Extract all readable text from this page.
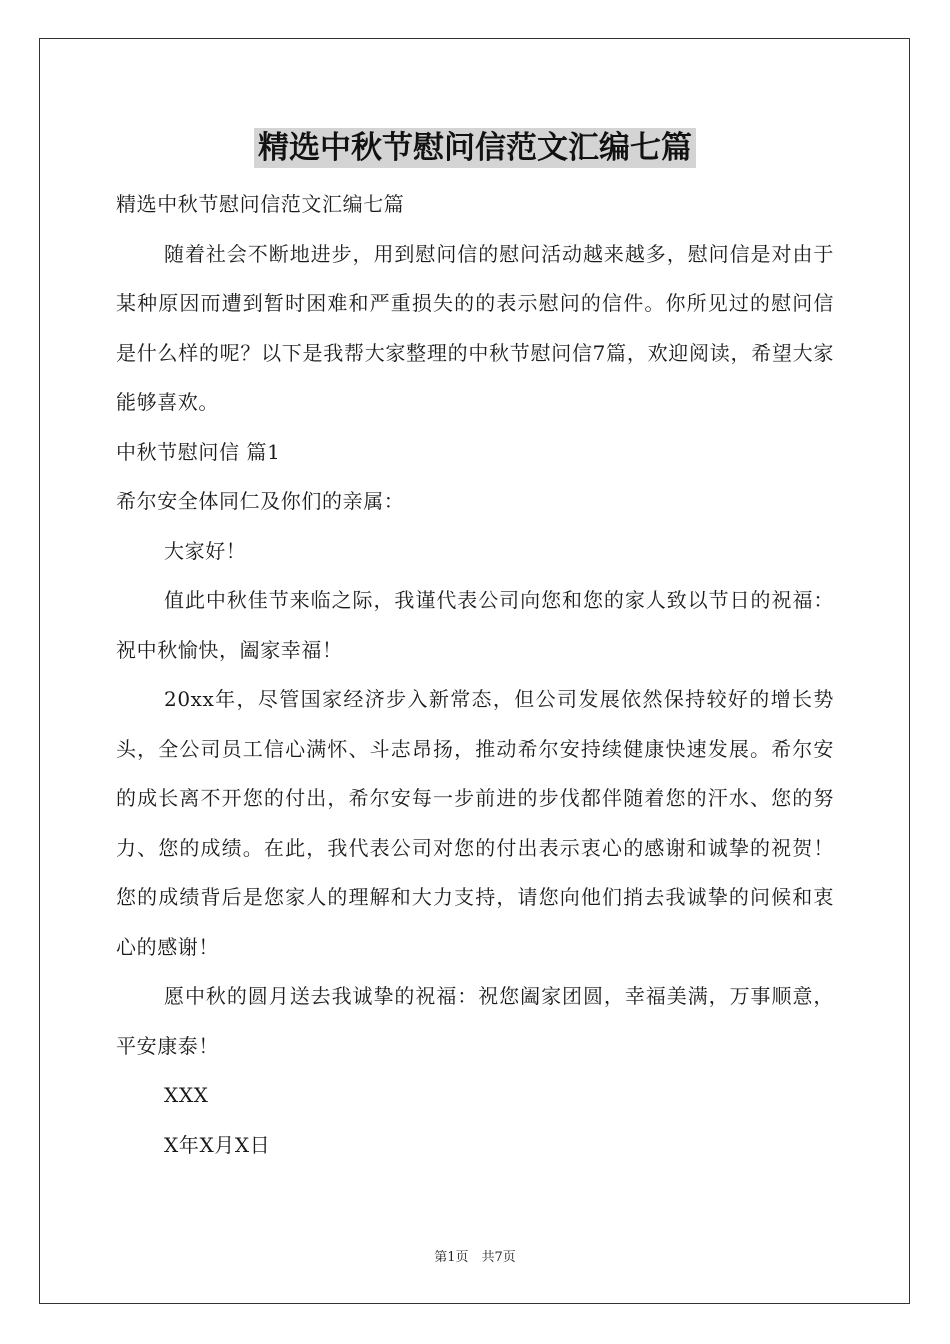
精选中秋节慰问信范文汇编七篇

精选中秋节慰问信范文汇编七篇

随着社会不断地进步，用到慰问信的慰问活动越来越多，慰问信是对由于某种原因而遭到暂时困难和严重损失的的表示慰问的信件。你所见过的慰问信是什么样的呢？以下是我帮大家整理的中秋节慰问信7篇，欢迎阅读，希望大家能够喜欢。

中秋节慰问信 篇1

希尔安全体同仁及你们的亲属：

大家好！

值此中秋佳节来临之际，我谨代表公司向您和您的家人致以节日的祝福：祝中秋愉快，阖家幸福！

20xx年，尽管国家经济步入新常态，但公司发展依然保持较好的增长势头，全公司员工信心满怀、斗志昂扬，推动希尔安持续健康快速发展。希尔安的成长离不开您的付出，希尔安每一步前进的步伐都伴随着您的汗水、您的努力、您的成绩。在此，我代表公司对您的付出表示衷心的感谢和诚挚的祝贺！您的成绩背后是您家人的理解和大力支持，请您向他们捎去我诚挚的问候和衷心的感谢！

愿中秋的圆月送去我诚挚的祝福：祝您阖家团圆，幸福美满，万事顺意，平安康泰！

XXX

X年X月X日

第1页　共7页
